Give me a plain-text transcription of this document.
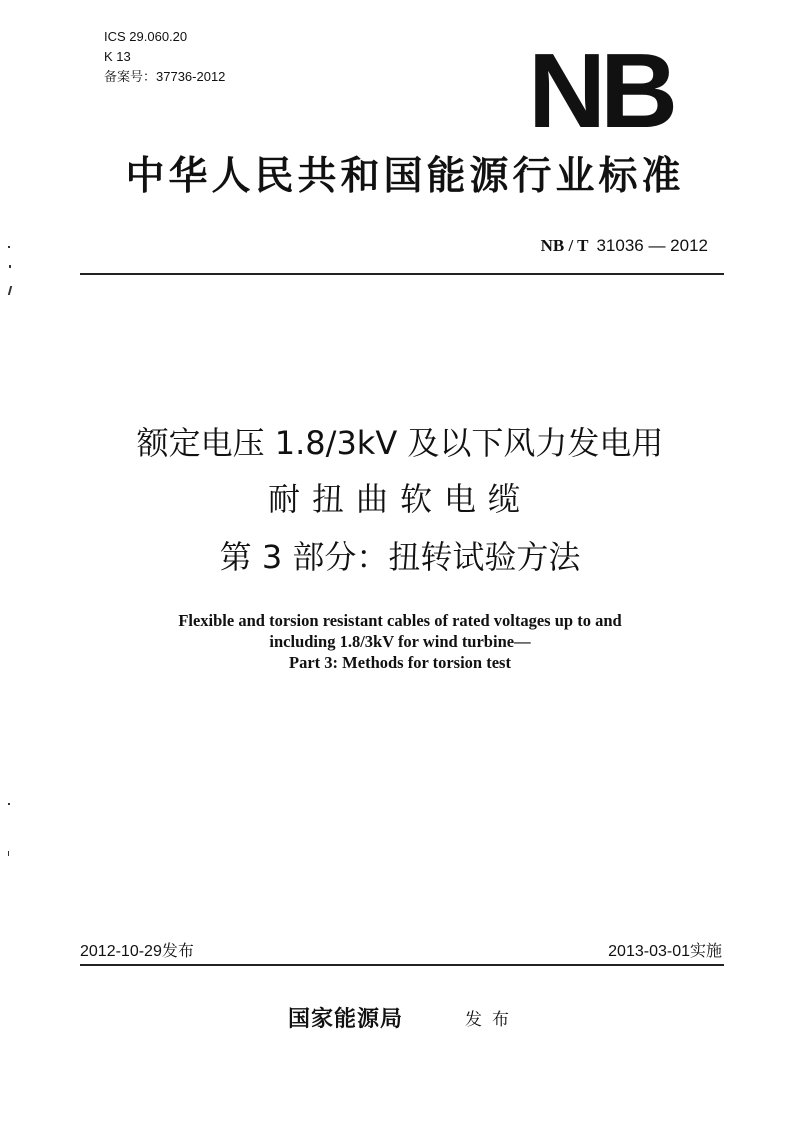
ICS 29.060.20
K 13
备案号：37736-2012	NB
中华人民共和国能源行业标准
NB / T 31036 — 2012
额定电压 1.8/3kV 及以下风力发电用
耐扭曲软电缆
第 3 部分：扭转试验方法
Flexible and torsion resistant cables of rated voltages up to and
including 1.8/3kV for wind turbine—
Part 3: Methods for torsion test
2012-10-29发布	2013-03-01实施
国家能源局	发布
